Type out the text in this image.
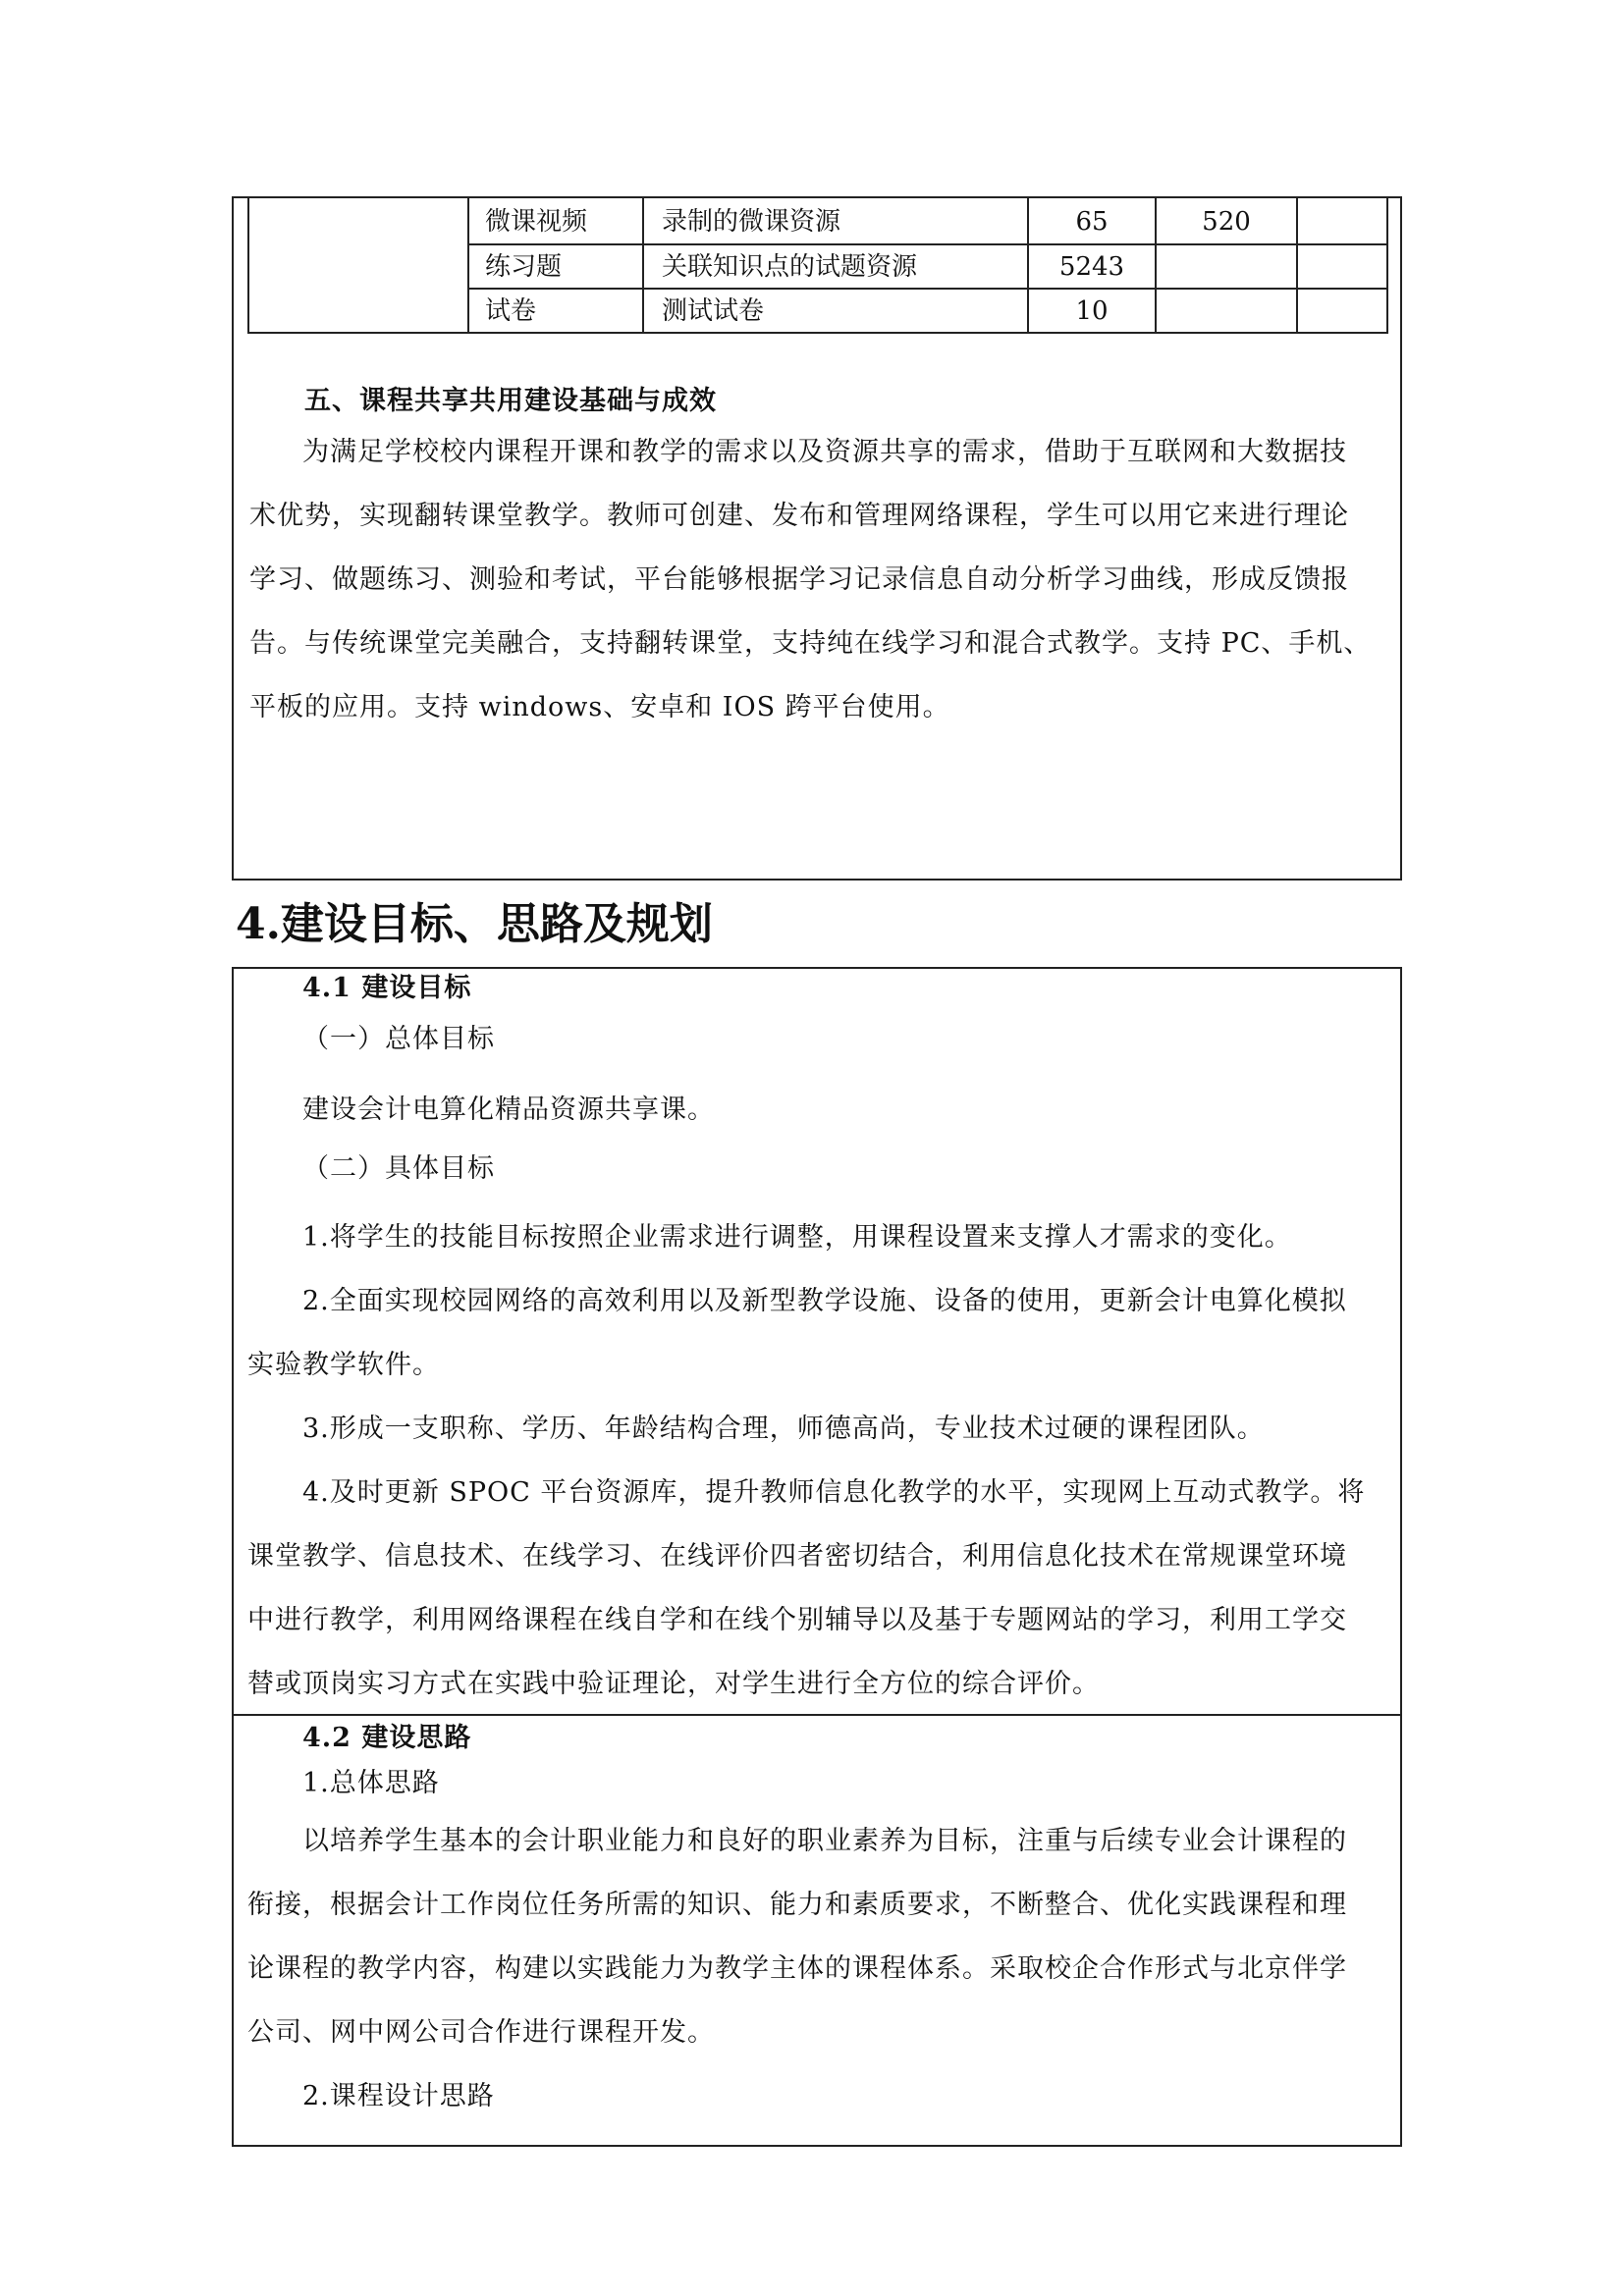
微课视频	录制的微课资源	65	520
练习题	关联知识点的试题资源	5243
试卷	测试试卷	10
五、课程共享共用建设基础与成效
为满足学校校内课程开课和教学的需求以及资源共享的需求，借助于互联网和大数据技
术优势，实现翻转课堂教学。教师可创建、发布和管理网络课程，学生可以用它来进行理论
学习、做题练习、测验和考试，平台能够根据学习记录信息自动分析学习曲线，形成反馈报
告。与传统课堂完美融合，支持翻转课堂，支持纯在线学习和混合式教学。支持 PC、手机、
平板的应用。支持 windows、安卓和 IOS 跨平台使用。
4.建设目标、思路及规划
4.1 建设目标
（一）总体目标
建设会计电算化精品资源共享课。
（二）具体目标
1.将学生的技能目标按照企业需求进行调整，用课程设置来支撑人才需求的变化。
2.全面实现校园网络的高效利用以及新型教学设施、设备的使用，更新会计电算化模拟
实验教学软件。
3.形成一支职称、学历、年龄结构合理，师德高尚，专业技术过硬的课程团队。
4.及时更新 SPOC 平台资源库，提升教师信息化教学的水平，实现网上互动式教学。将
课堂教学、信息技术、在线学习、在线评价四者密切结合，利用信息化技术在常规课堂环境
中进行教学，利用网络课程在线自学和在线个别辅导以及基于专题网站的学习，利用工学交
替或顶岗实习方式在实践中验证理论，对学生进行全方位的综合评价。
4.2 建设思路
1.总体思路
以培养学生基本的会计职业能力和良好的职业素养为目标，注重与后续专业会计课程的
衔接，根据会计工作岗位任务所需的知识、能力和素质要求，不断整合、优化实践课程和理
论课程的教学内容，构建以实践能力为教学主体的课程体系。采取校企合作形式与北京伴学
公司、网中网公司合作进行课程开发。
2.课程设计思路
